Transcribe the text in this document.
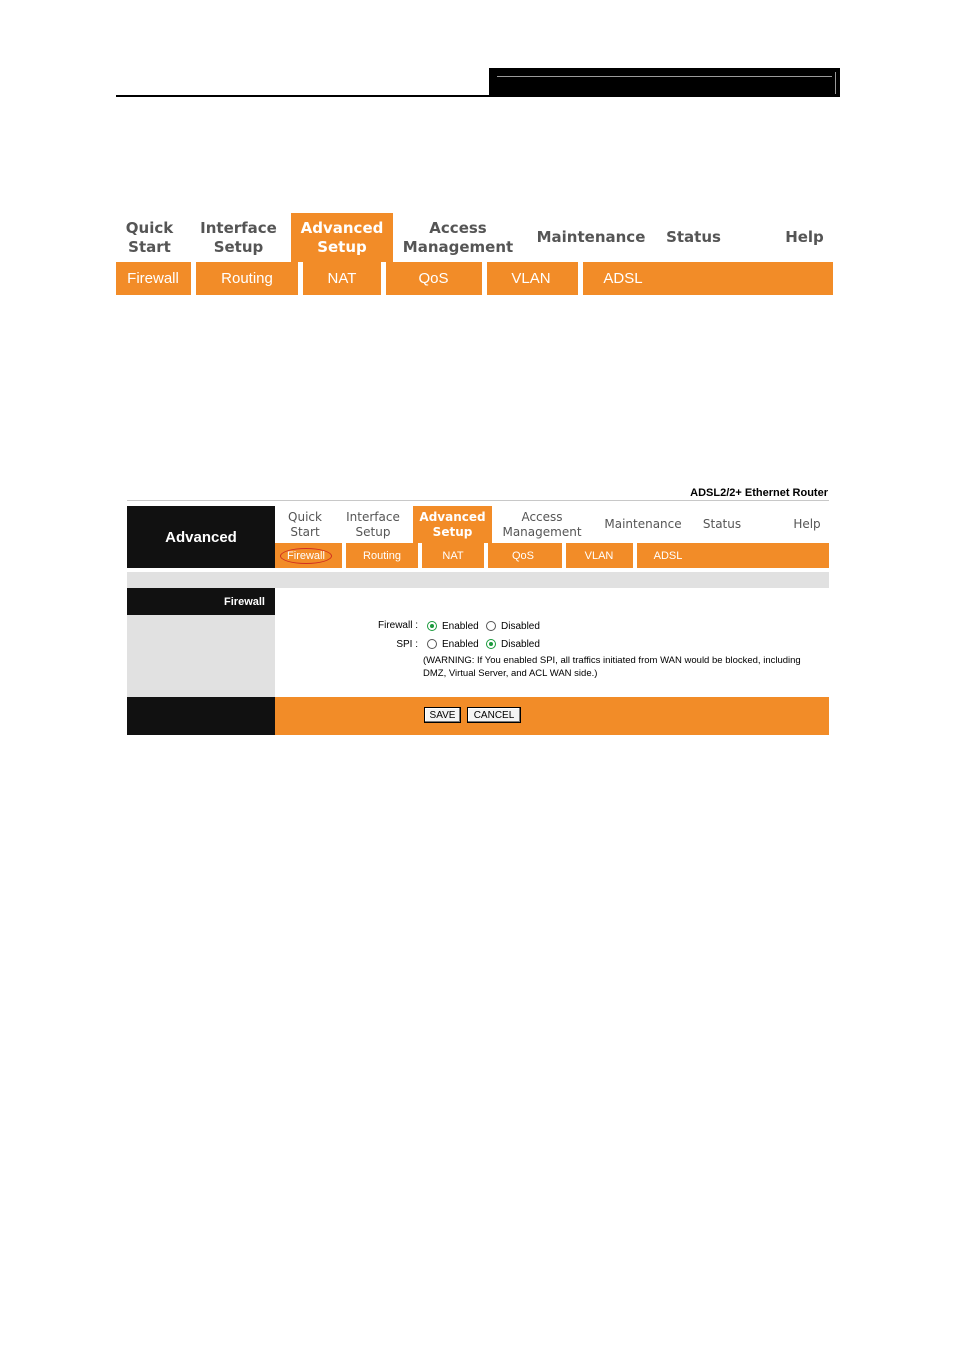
Quick
Start
Interface
Setup
Advanced
Setup
Access
Management
Maintenance	Status	Help
Firewall	Routing	NAT	QoS	VLAN	ADSL
ADSL2/2+ Ethernet Router
Advanced
Quick
Start
Interface
Setup
Advanced
Setup
Access
Management
Maintenance	Status	Help
Firewall	Routing	NAT	QoS	VLAN	ADSL
Firewall
Firewall : Enabled Disabled
SPI : Enabled Disabled
(WARNING: If You enabled SPI, all traffics initiated from WAN would be blocked, including
DMZ, Virtual Server, and ACL WAN side.)
SAVE	CANCEL
